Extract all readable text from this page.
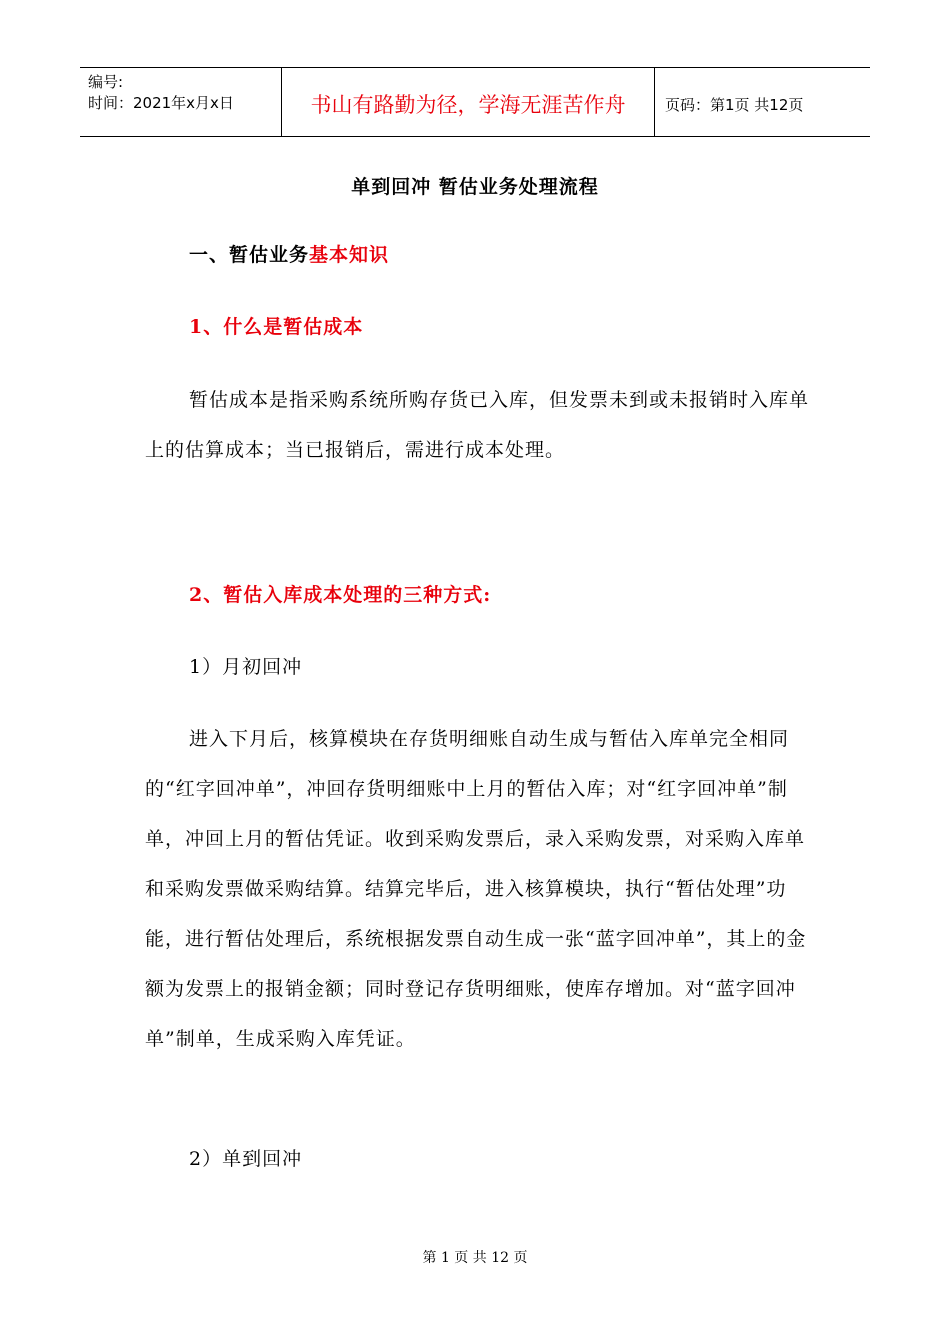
编号:
时间：2021年x月x日	书山有路勤为径，学海无涯苦作舟	页码：第1页 共12页
单到回冲 暂估业务处理流程
一、暂估业务基本知识
1、什么是暂估成本
暂估成本是指采购系统所购存货已入库，但发票未到或未报销时入库单上的估算成本；当已报销后，需进行成本处理。
2、暂估入库成本处理的三种方式:
1）月初回冲
进入下月后，核算模块在存货明细账自动生成与暂估入库单完全相同的“红字回冲单”，冲回存货明细账中上月的暂估入库；对“红字回冲单”制单，冲回上月的暂估凭证。收到采购发票后，录入采购发票，对采购入库单和采购发票做采购结算。结算完毕后，进入核算模块，执行“暂估处理”功能，进行暂估处理后，系统根据发票自动生成一张“蓝字回冲单”，其上的金额为发票上的报销金额；同时登记存货明细账，使库存增加。对“蓝字回冲单”制单，生成采购入库凭证。
2）单到回冲
第 1 页 共 12 页
